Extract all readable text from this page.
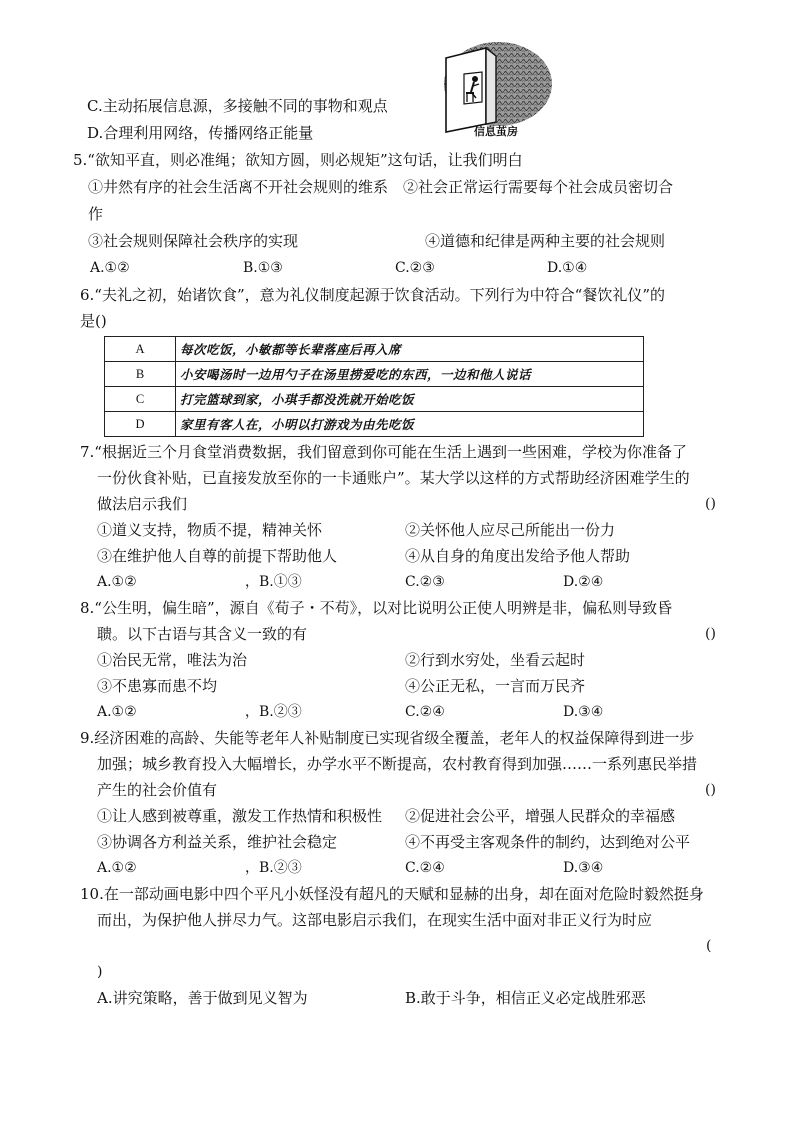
信息茧房
C.主动拓展信息源，多接触不同的事物和观点
D.合理利用网络，传播网络正能量
5.“欲知平直，则必准绳；欲知方圆，则必规矩”这句话，让我们明白
①井然有序的社会生活离不开社会规则的维系　②社会正常运行需要每个社会成员密切合
作
③社会规则保障社会秩序的实现	④道德和纪律是两种主要的社会规则
A.①②	B.①③	C.②③	D.①④
6.“夫礼之初，始诸饮食”，意为礼仪制度起源于饮食活动。下列行为中符合“餐饮礼仪”的
是()
A	每次吃饭，小敏都等长辈落座后再入席
B	小安喝汤时一边用勺子在汤里捞爱吃的东西，一边和他人说话
C	打完篮球到家，小琪手都没洗就开始吃饭
D	家里有客人在，小明以打游戏为由先吃饭
7.“根据近三个月食堂消费数据，我们留意到你可能在生活上遇到一些困难，学校为你准备了
一份伙食补贴，已直接发放至你的一卡通账户”。某大学以这样的方式帮助经济困难学生的
做法启示我们	()
①道义支持，物质不提，精神关怀	②关怀他人应尽己所能出一份力
③在维护他人自尊的前提下帮助他人	④从自身的角度出发给予他人帮助
A.①②	，B.①③	C.②③	D.②④
8.“公生明，偏生暗”，源自《荀子・不苟》，以对比说明公正使人明辨是非，偏私则导致昏
聩。以下古语与其含义一致的有	()
①治民无常，唯法为治	②行到水穷处，坐看云起时
③不患寡而患不均	④公正无私，一言而万民齐
A.①②	，B.②③	C.②④	D.③④
9.经济困难的高龄、失能等老年人补贴制度已实现省级全覆盖，老年人的权益保障得到进一步
加强；城乡教育投入大幅增长，办学水平不断提高，农村教育得到加强……一系列惠民举措
产生的社会价值有	()
①让人感到被尊重，激发工作热情和积极性 ②促进社会公平，增强人民群众的幸福感
③协调各方利益关系，维护社会稳定	④不再受主客观条件的制约，达到绝对公平
A.①②	，B.②③	C.②④	D.③④
10.在一部动画电影中四个平凡小妖怪没有超凡的天赋和显赫的出身，却在面对危险时毅然挺身
而出，为保护他人拼尽力气。这部电影启示我们，在现实生活中面对非正义行为时应
(
)
A.讲究策略，善于做到见义智为	B.敢于斗争，相信正义必定战胜邪恶
